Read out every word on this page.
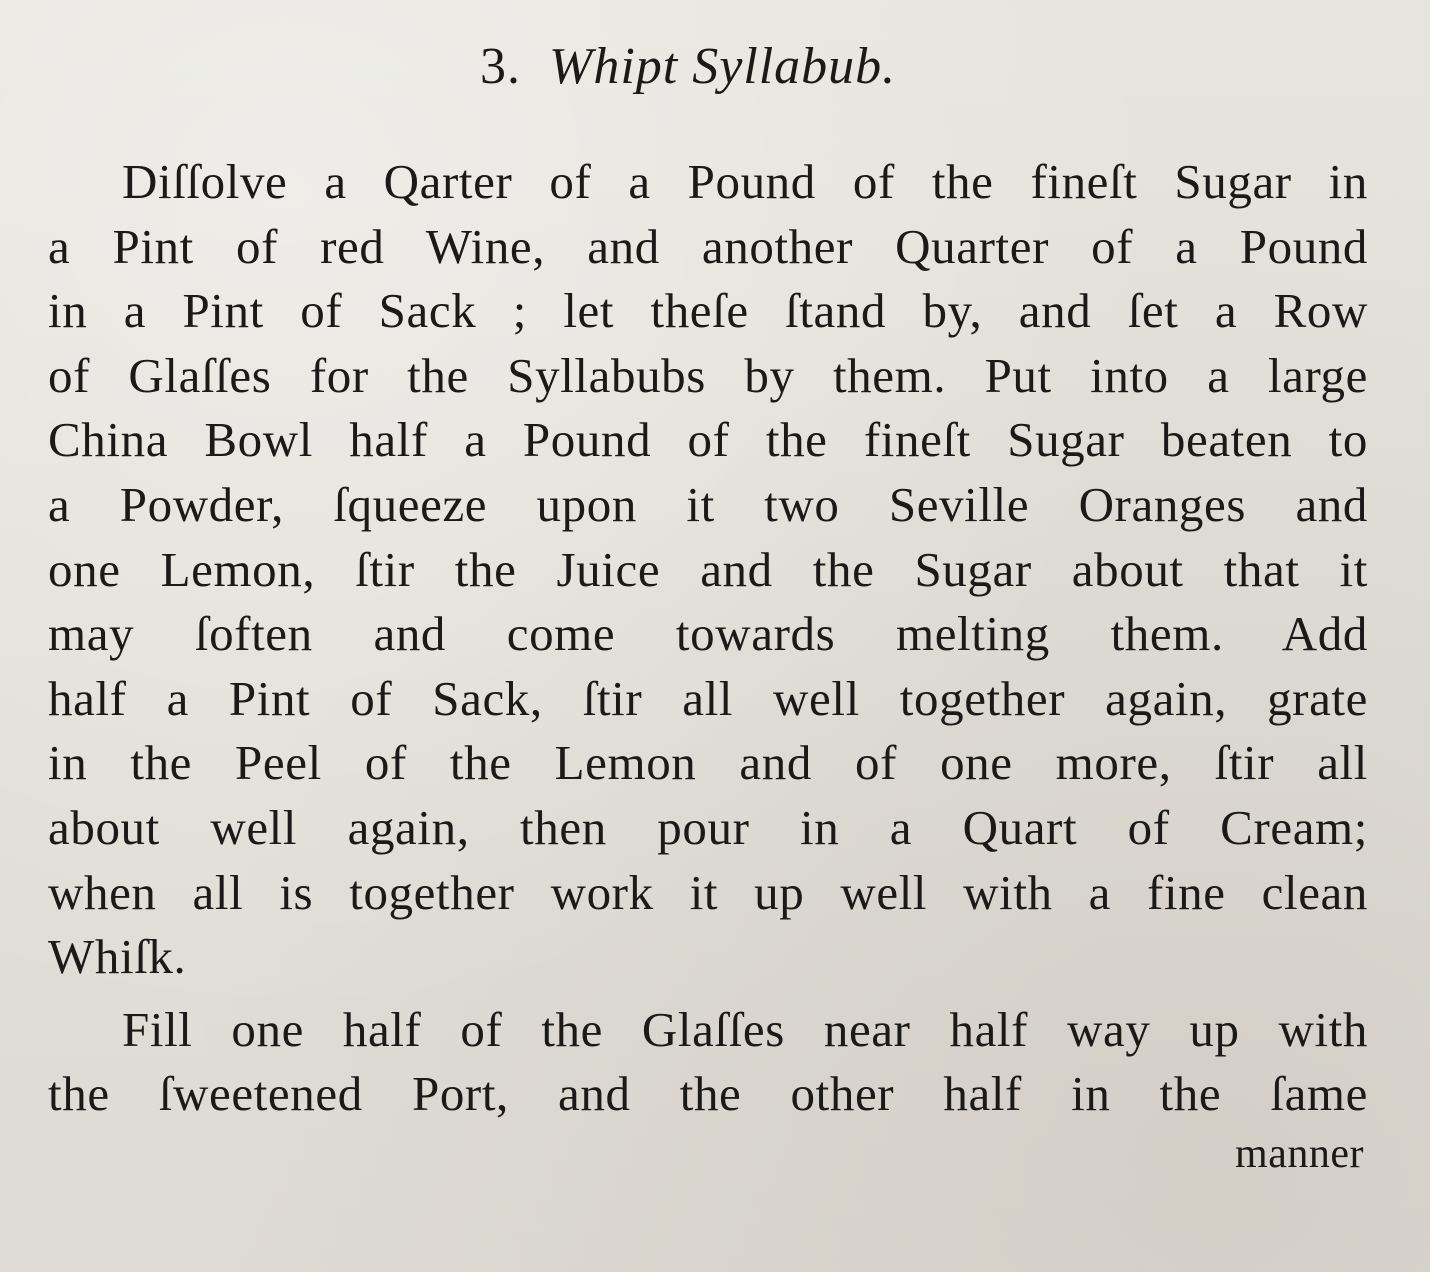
3. Whipt Syllabub.
Diſſolve a Qarter of a Pound of the fineſt Sugar in
a Pint of red Wine, and another Quarter of a Pound
in a Pint of Sack ; let theſe ſtand by, and ſet a Row
of Glaſſes for the Syllabubs by them. Put into a large
China Bowl half a Pound of the fineſt Sugar beaten to
a Powder, ſqueeze upon it two Seville Oranges and
one Lemon, ſtir the Juice and the Sugar about that it
may ſoften and come towards melting them. Add
half a Pint of Sack, ſtir all well together again, grate
in the Peel of the Lemon and of one more, ſtir all
about well again, then pour in a Quart of Cream;
when all is together work it up well with a fine clean
Whiſk.
Fill one half of the Glaſſes near half way up with
the ſweetened Port, and the other half in the ſame
manner
